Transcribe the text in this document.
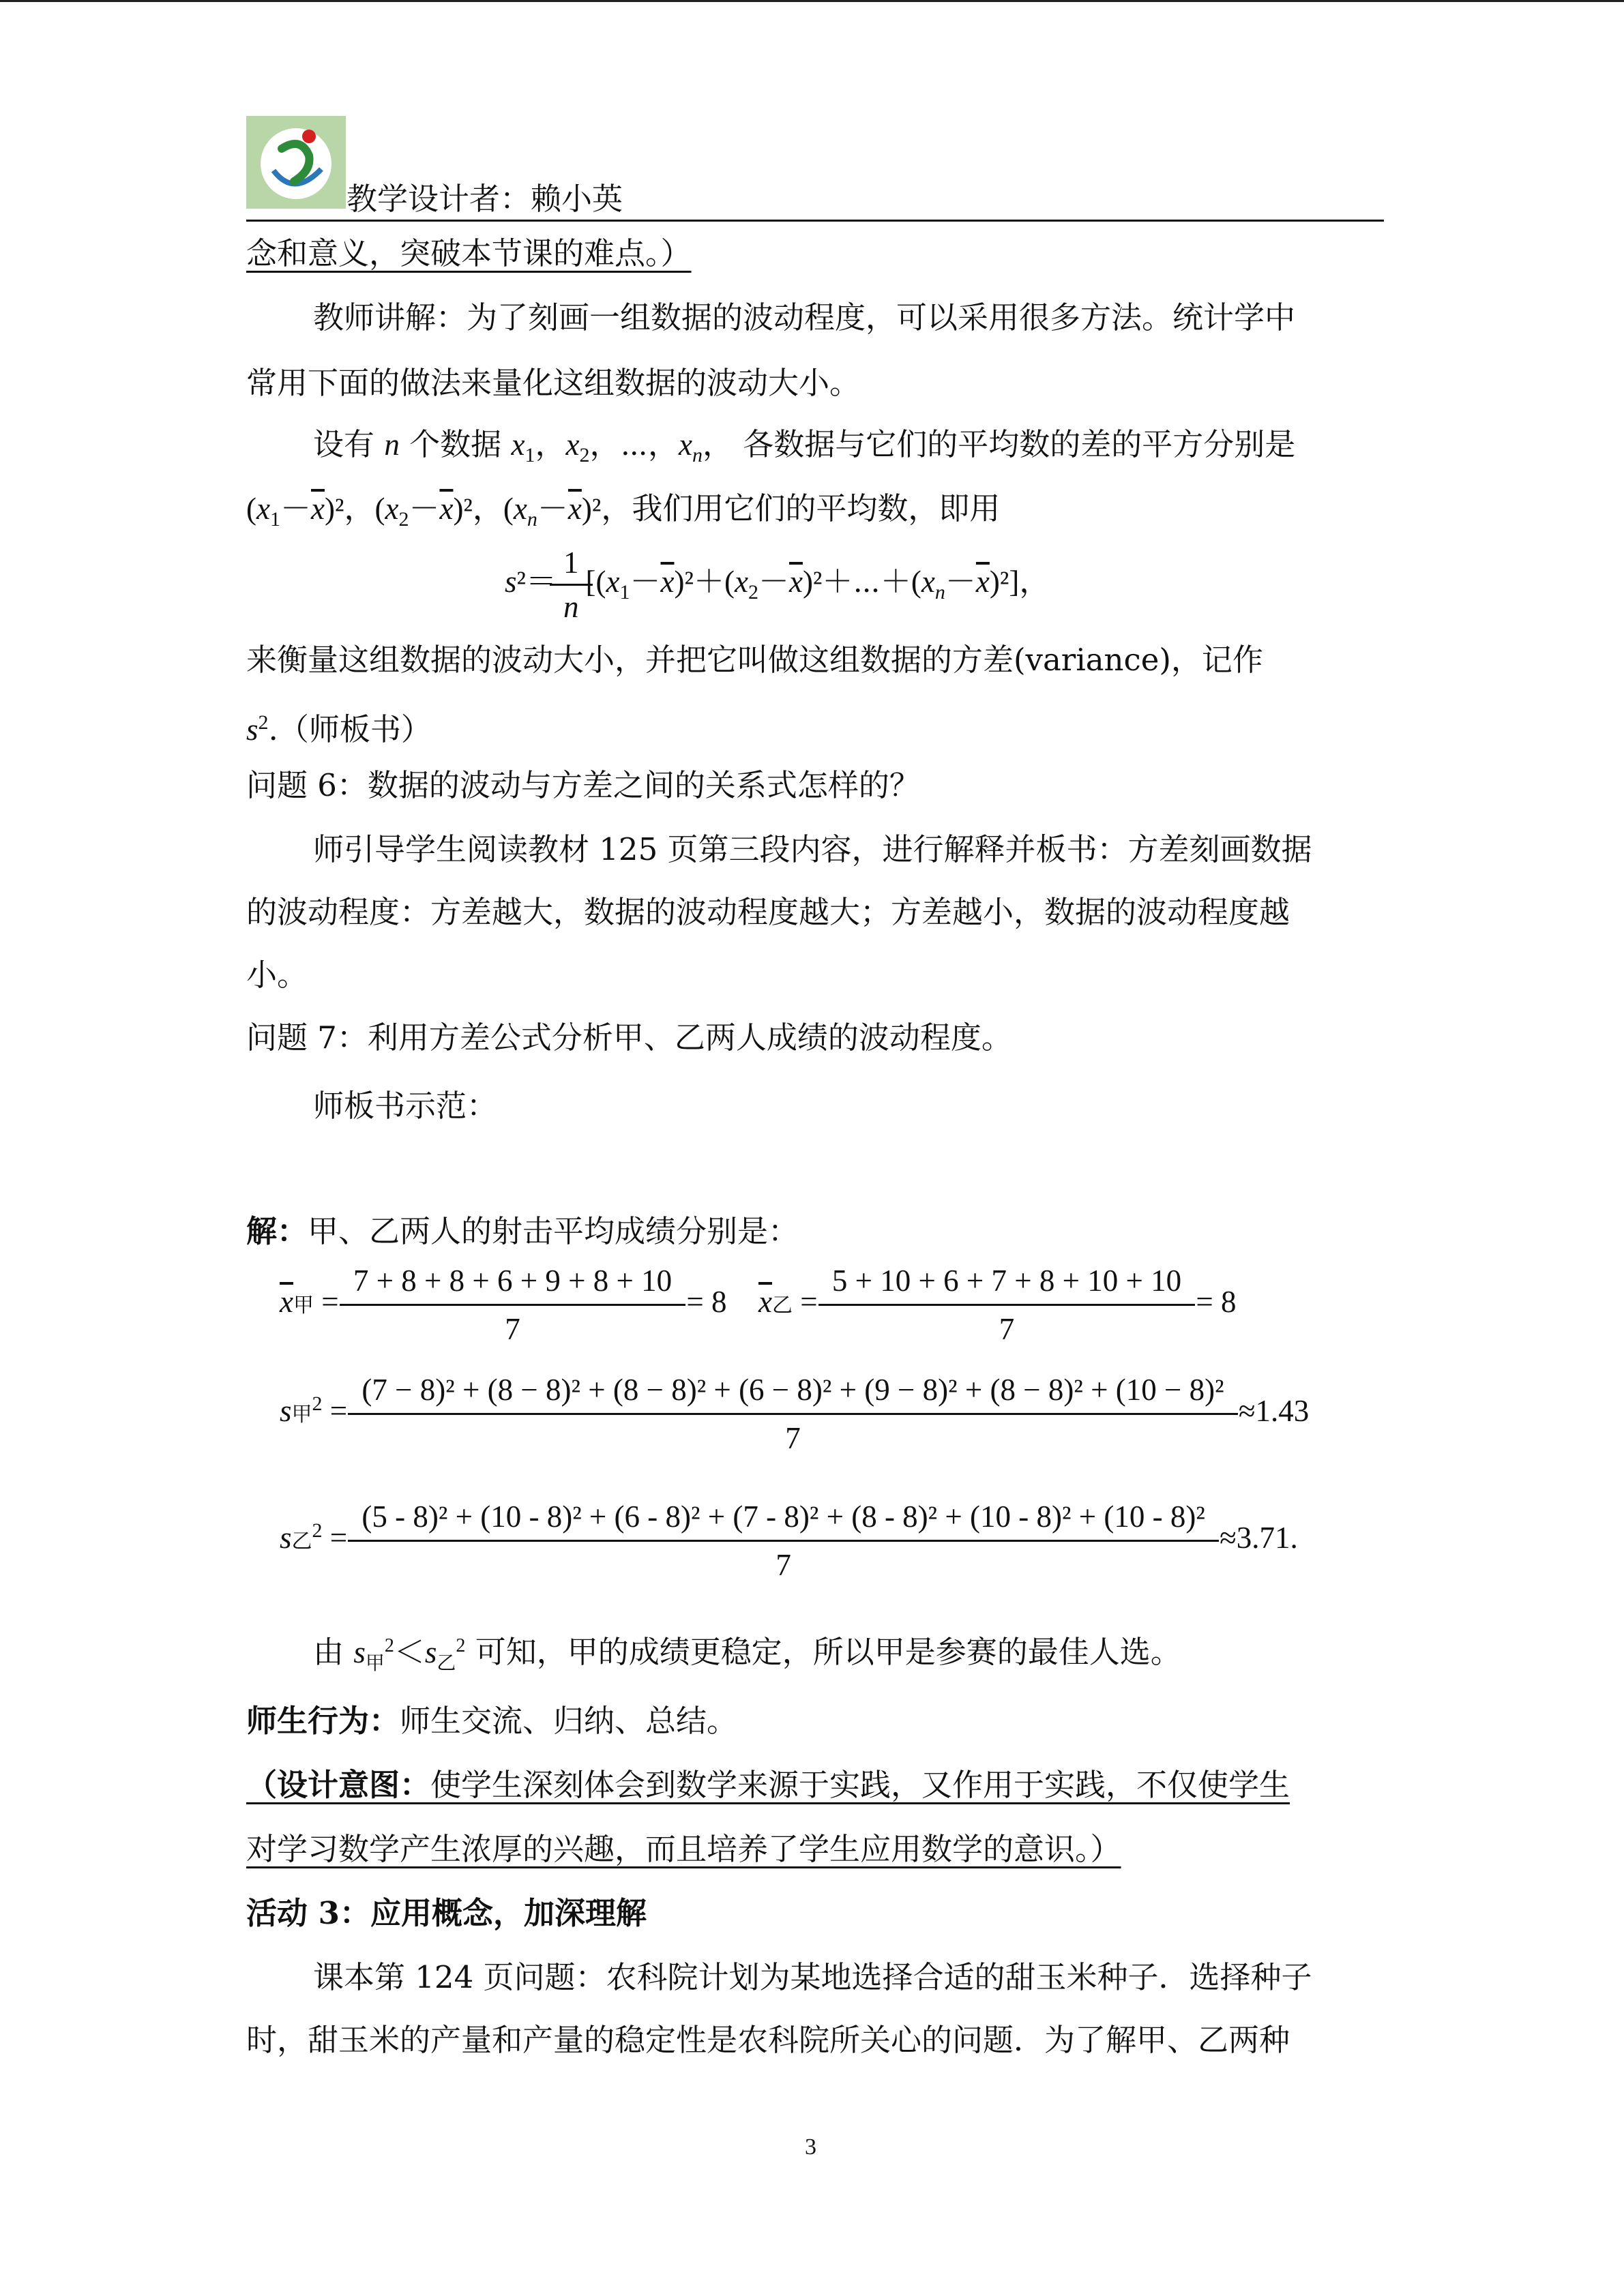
教学设计者：赖小英
念和意义，突破本节课的难点。）
教师讲解：为了刻画一组数据的波动程度，可以采用很多方法。统计学中
常用下面的做法来量化这组数据的波动大小。
设有 n 个数据 $x_1$，$x_2$，⋯，$x_n$， 各数据与它们的平均数的差的平方分别是
$(x_1-\overline{x})^2$，$(x_2-\overline{x})^2$，$(x_n-\overline{x})^2$，我们用它们的平均数，即用
$s^2= \frac{1}{n}$ $[(x_1-\overline{x})^2+(x_2-\overline{x})^2+\cdots+(x_n-\overline{x})^2]$，
来衡量这组数据的波动大小，并把它叫做这组数据的方差(variance)，记作
$s^2$.（师板书）
问题 6：数据的波动与方差之间的关系式怎样的？
师引导学生阅读教材 125 页第三段内容，进行解释并板书：方差刻画数据
的波动程度：方差越大，数据的波动程度越大；方差越小，数据的波动程度越
小。
问题 7：利用方差公式分析甲、乙两人成绩的波动程度。
师板书示范：
解：甲、乙两人的射击平均成绩分别是：
$\overline{x}$甲 = $\frac{7 + 8 + 8 + 6 + 9 + 8 + 10}{7} = 8$ $\overline{x}$乙 = $\frac{5 + 10 + 6 + 7 + 8 + 10 + 10}{7} = 8$
s甲$^2$ =
(7 − 8)² + (8 − 8)² + (8 − 8)² + (6 − 8)² + (9 − 8)² + (8 − 8)² + (10 − 8)²
7
≈1.43
s乙$^2$ =
(5 - 8)² + (10 - 8)² + (6 - 8)² + (7 - 8)² + (8 - 8)² + (10 - 8)² + (10 - 8)²
7
≈3.71.
由 $s_甲^2<s_乙^2$ 可知，甲的成绩更稳定，所以甲是参赛的最佳人选。
师生行为：师生交流、归纳、总结。
（设计意图：使学生深刻体会到数学来源于实践，又作用于实践，不仅使学生
对学习数学产生浓厚的兴趣，而且培养了学生应用数学的意识。）
活动 3：应用概念，加深理解
课本第 124 页问题：农科院计划为某地选择合适的甜玉米种子．选择种子
时，甜玉米的产量和产量的稳定性是农科院所关心的问题．为了解甲、乙两种
3
